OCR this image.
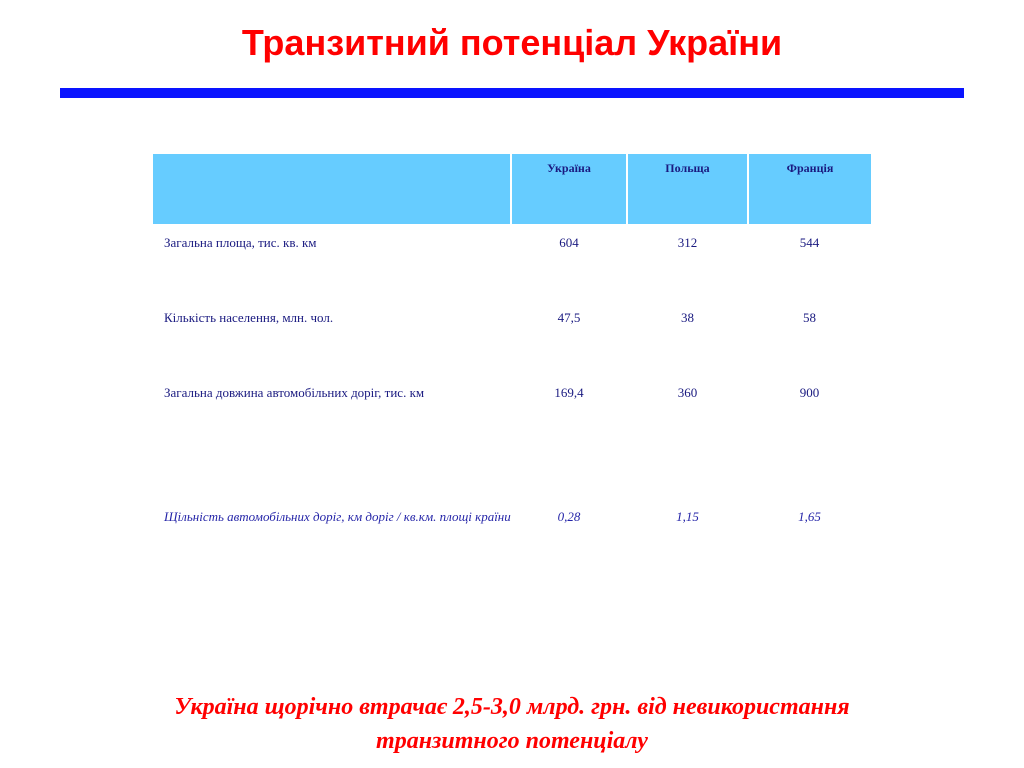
Транзитний потенціал України

	Україна	Польща	Франція

Загальна площа, тис. кв. км	604	312	544

Кількість населення, млн. чол.	47,5	38	58

Загальна довжина автомобільних доріг, тис. км	169,4	360	900

Щільність автомобільних доріг, км доріг / кв.км. площі країни	0,28	1,15	1,65
Україна щорічно втрачає 2,5-3,0 млрд. грн. від невикористання
транзитного потенціалу
